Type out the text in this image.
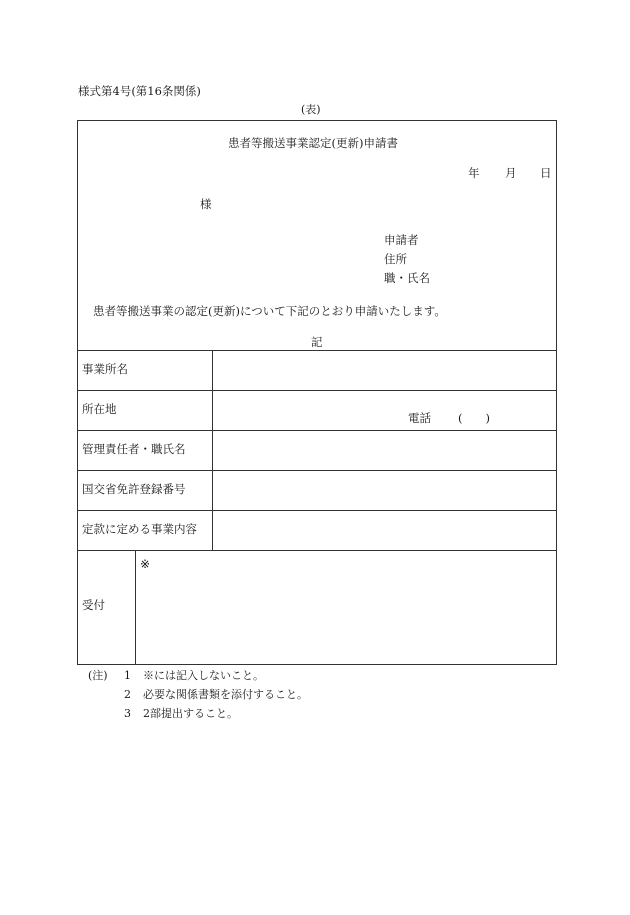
様式第4号(第16条関係)
(表)
患者等搬送事業認定(更新)申請書
年 月 日
様
申請者
住所
職・氏名
患者等搬送事業の認定(更新)について下記のとおり申請いたします。
記
事業所名
所在地
管理責任者・職氏名
国交省免許登録番号
定款に定める事業内容
電話 (　　)
受付
※
(注) 1 ※には記入しないこと。
2 必要な関係書類を添付すること。
3 2部提出すること。
